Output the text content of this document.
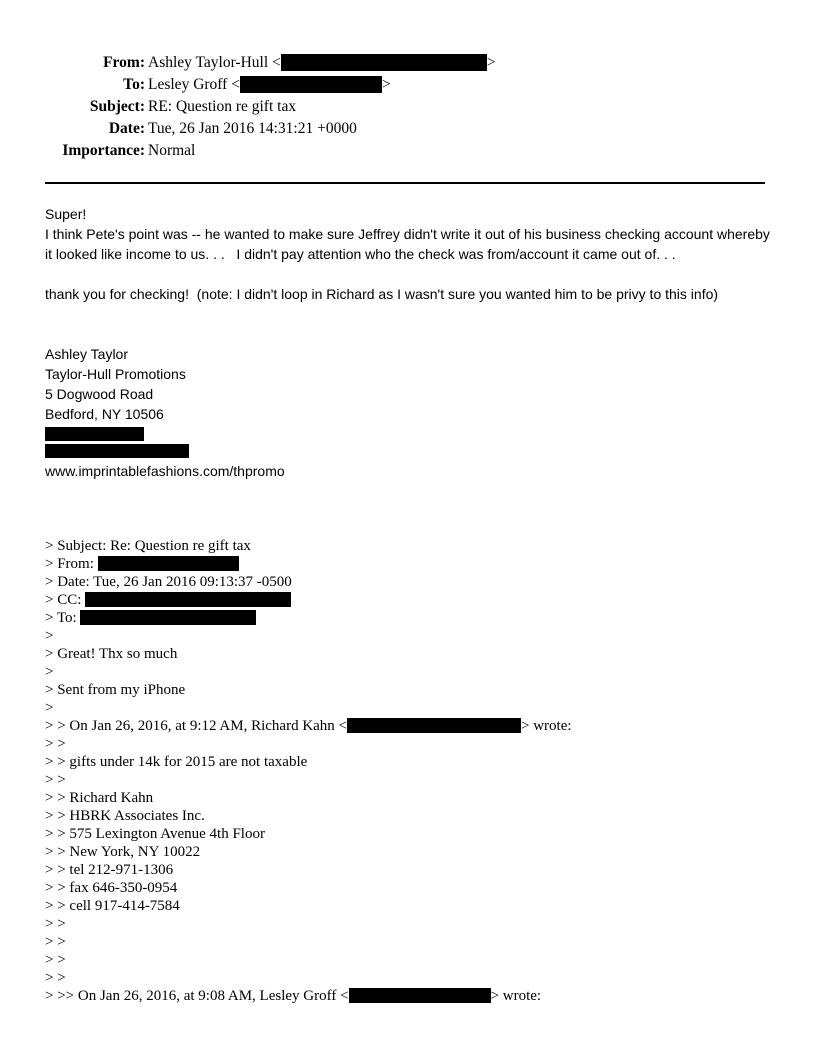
From: Ashley Taylor-Hull <	>
To: Lesley Groff <	>
Subject: RE: Question re gift tax
Date: Tue, 26 Jan 2016 14:31:21 +0000
Importance: Normal

Super!

I think Pete's point was -- he wanted to make sure Jeffrey didn't write it out of his business checking account whereby it looked like income to us. . .   I didn't pay attention who the check was from/account it came out of. . .

thank you for checking!  (note: I didn't loop in Richard as I wasn't sure you wanted him to be privy to this info)

Ashley Taylor
Taylor-Hull Promotions
5 Dogwood Road
Bedford, NY 10506
www.imprintablefashions.com/thpromo
> Subject: Re: Question re gift tax
> From:
> Date: Tue, 26 Jan 2016 09:13:37 -0500
> CC:
> To:
>
> Great! Thx so much
>
> Sent from my iPhone
>
> > On Jan 26, 2016, at 9:12 AM, Richard Kahn <	> wrote:
> >
> > gifts under 14k for 2015 are not taxable
> >
> > Richard Kahn
> > HBRK Associates Inc.
> > 575 Lexington Avenue 4th Floor
> > New York, NY 10022
> > tel 212-971-1306
> > fax 646-350-0954
> > cell 917-414-7584
> >
> >
> >
> >
> >> On Jan 26, 2016, at 9:08 AM, Lesley Groff <	> wrote:
